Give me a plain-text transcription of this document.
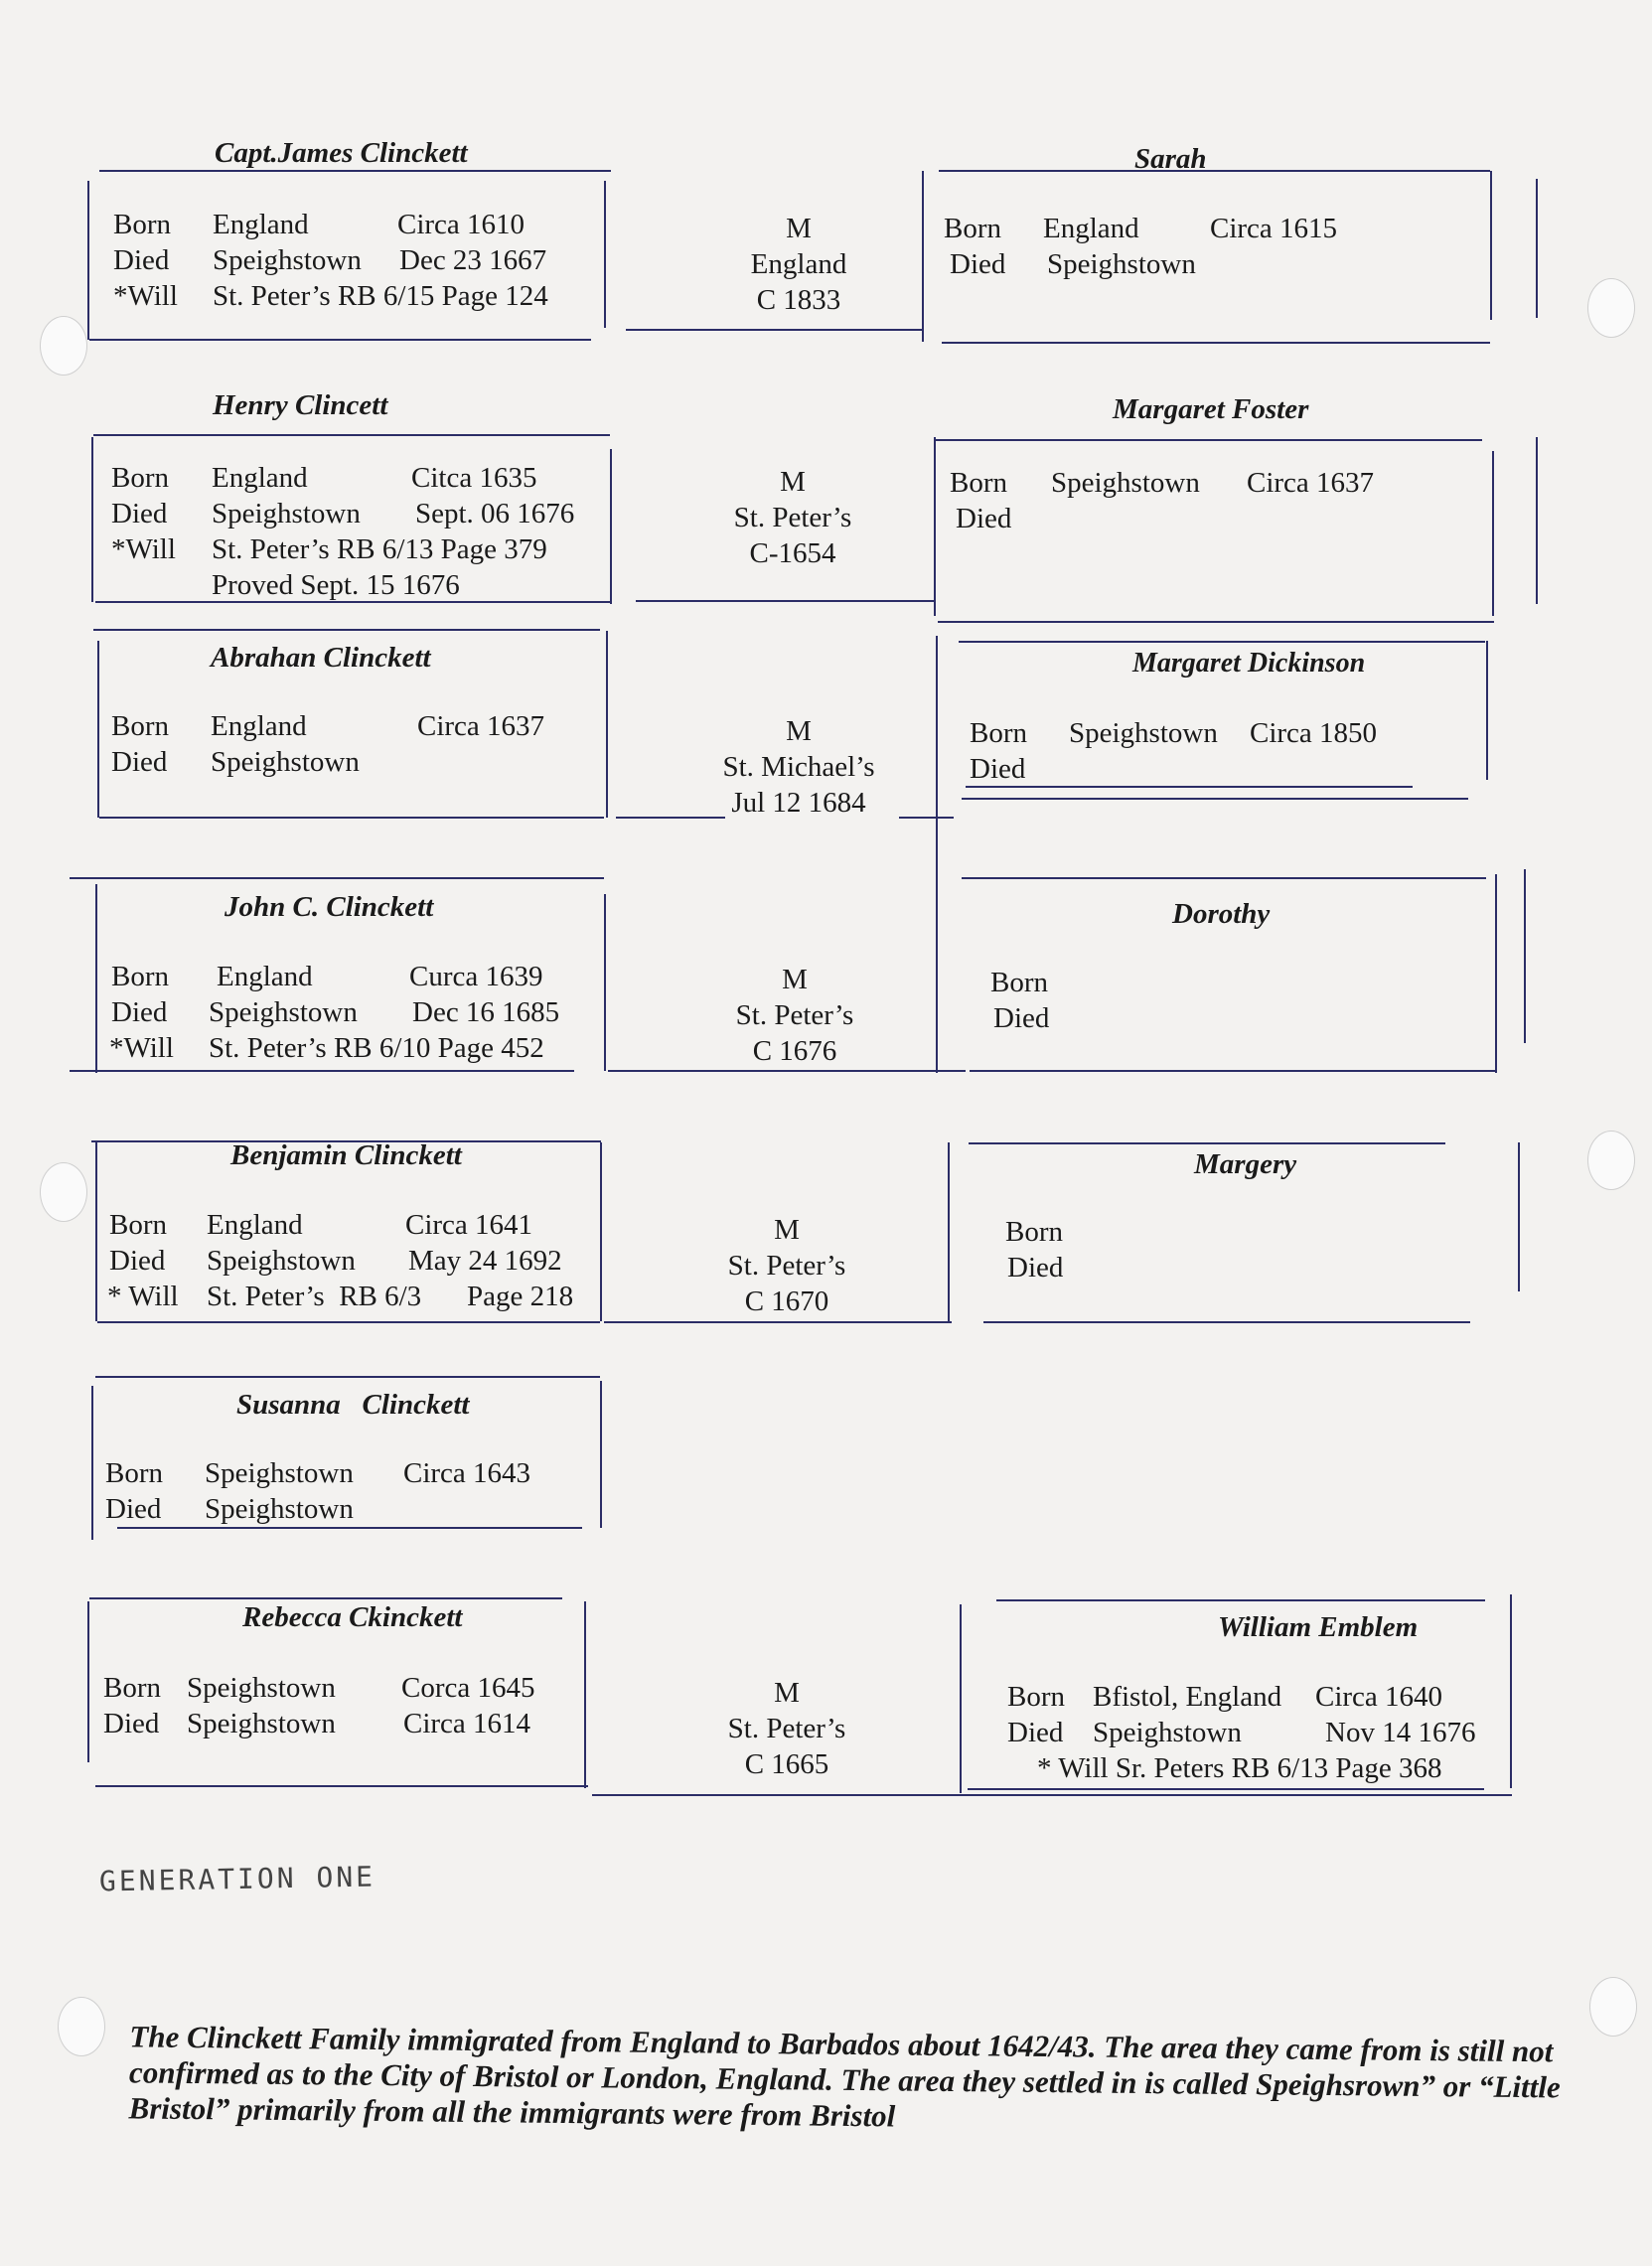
Capt.James Clinckett
Born England	Circa 1610
Died Speighstown Dec 23 1667
*Will St. Peter’s RB 6/15 Page 124
M
England
C 1833
Sarah
Born England Circa 1615
Died Speighstown
Henry Clincett
Born England	Citca 1635
Died Speighstown Sept. 06 1676
*Will St. Peter’s RB 6/13 Page 379
Proved Sept. 15 1676
M
St. Peter’s
C-1654
Margaret Foster
Born Speighstown Circa 1637
Died
Abrahan Clinckett
Born England	Circa 1637
Died Speighstown
M
St. Michael’s
Jul 12 1684
Margaret Dickinson
Born Speighstown Circa 1850
Died
John C. Clinckett
Born England	Curca 1639
Died Speighstown Dec 16 1685
*Will St. Peter’s RB 6/10 Page 452
M
St. Peter’s
C 1676
Dorothy
Born
Died
Benjamin Clinckett
Born England	Circa 1641
Died Speighstown May 24 1692
* Will St. Peter’s  RB 6/3 Page 218
M
St. Peter’s
C 1670
Margery
Born
Died
Susanna   Clinckett
Born Speighstown Circa 1643
Died Speighstown
Rebecca Ckinckett
Born Speighstown Corca 1645
Died Speighstown Circa 1614
M
St. Peter’s
C 1665
William Emblem
Born Bfistol, England Circa 1640
Died Speighstown	Nov 14 1676
* Will Sr. Peters RB 6/13 Page 368
GENERATION ONE
The Clinckett Family immigrated from England to Barbados about 1642/43. The area they came from is still not confirmed as to the City of Bristol or London, England. The area they settled in is called Speighsrown” or “Little Bristol” primarily from all the immigrants were from Bristol
